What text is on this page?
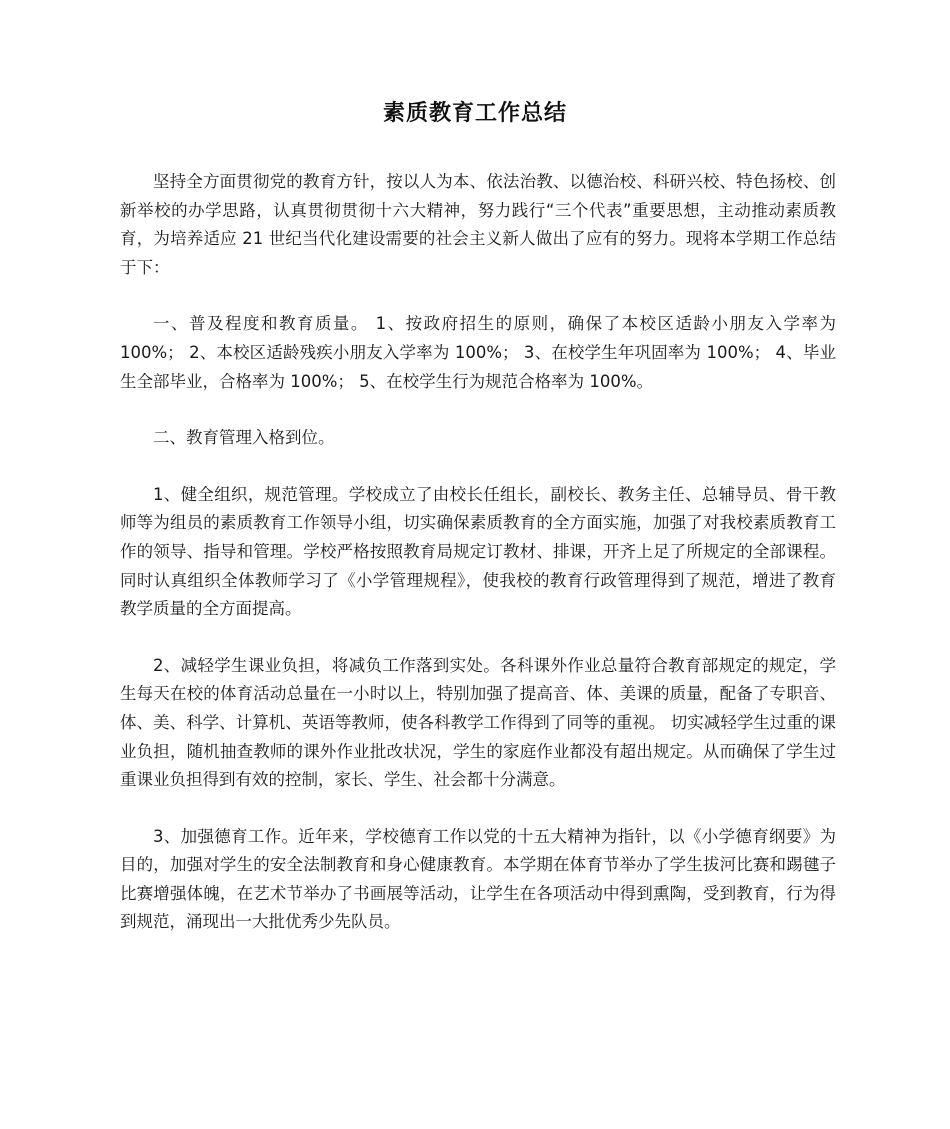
素质教育工作总结

坚持全方面贯彻党的教育方针，按以人为本、依法治教、以德治校、科研兴校、特色扬校、创新举校的办学思路，认真贯彻贯彻十六大精神，努力践行“三个代表”重要思想，主动推动素质教育，为培养适应 21 世纪当代化建设需要的社会主义新人做出了应有的努力。现将本学期工作总结于下：

一、普及程度和教育质量。 1、按政府招生的原则，确保了本校区适龄小朋友入学率为 100%； 2、本校区适龄残疾小朋友入学率为 100%； 3、在校学生年巩固率为 100%； 4、毕业生全部毕业，合格率为 100%； 5、在校学生行为规范合格率为 100%。

二、教育管理入格到位。

1、健全组织，规范管理。学校成立了由校长任组长，副校长、教务主任、总辅导员、骨干教师等为组员的素质教育工作领导小组，切实确保素质教育的全方面实施，加强了对我校素质教育工作的领导、指导和管理。学校严格按照教育局规定订教材、排课，开齐上足了所规定的全部课程。同时认真组织全体教师学习了《小学管理规程》，使我校的教育行政管理得到了规范，增进了教育教学质量的全方面提高。

2、减轻学生课业负担，将减负工作落到实处。各科课外作业总量符合教育部规定的规定，学生每天在校的体育活动总量在一小时以上，特别加强了提高音、体、美课的质量，配备了专职音、体、美、科学、计算机、英语等教师，使各科教学工作得到了同等的重视。 切实减轻学生过重的课业负担，随机抽查教师的课外作业批改状况，学生的家庭作业都没有超出规定。从而确保了学生过重课业负担得到有效的控制，家长、学生、社会都十分满意。

3、加强德育工作。近年来，学校德育工作以党的十五大精神为指针，以《小学德育纲要》为目的，加强对学生的安全法制教育和身心健康教育。本学期在体育节举办了学生拔河比赛和踢毽子比赛增强体魄，在艺术节举办了书画展等活动，让学生在各项活动中得到熏陶，受到教育，行为得到规范，涌现出一大批优秀少先队员。
